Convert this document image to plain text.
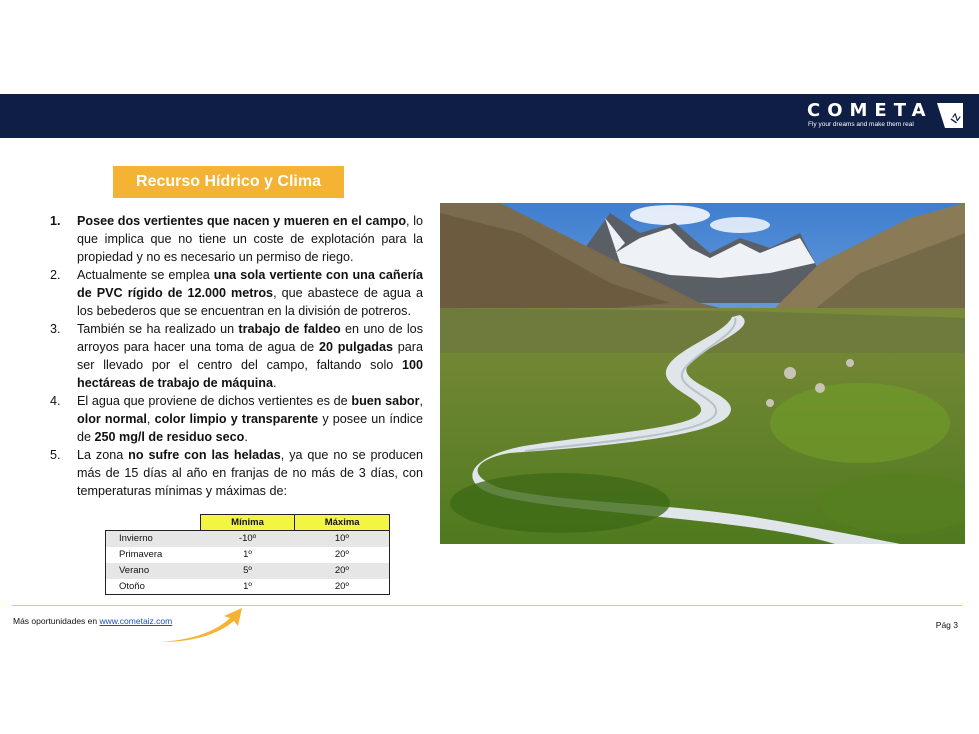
COMETA
Fly your dreams and make them real	IZ
Recurso Hídrico y Clima
1.	Posee dos vertientes que nacen y mueren en el campo, lo que implica que no tiene un coste de explotación para la propiedad y no es necesario un permiso de riego.
2.	Actualmente se emplea una sola vertiente con una cañería de PVC rígido de 12.000 metros, que abastece de agua a los bebederos que se encuentran en la división de potreros.
3.	También se ha realizado un trabajo de faldeo en uno de los arroyos para hacer una toma de agua de 20 pulgadas para ser llevado por el centro del campo, faltando solo 100 hectáreas de trabajo de máquina.
4.	El agua que proviene de dichos vertientes es de buen sabor, olor normal, color limpio y transparente y posee un índice de 250 mg/l de residuo seco.
5.	La zona no sufre con las heladas, ya que no se producen más de 15 días al año en franjas de no más de 3 días, con temperaturas mínimas y máximas de:
	Mínima	Máxima
Invierno	-10º	10º
Primavera	1º	20º
Verano	5º	20º
Otoño	1º	20º
Más oportunidades en www.cometaiz.com	Pág 3
